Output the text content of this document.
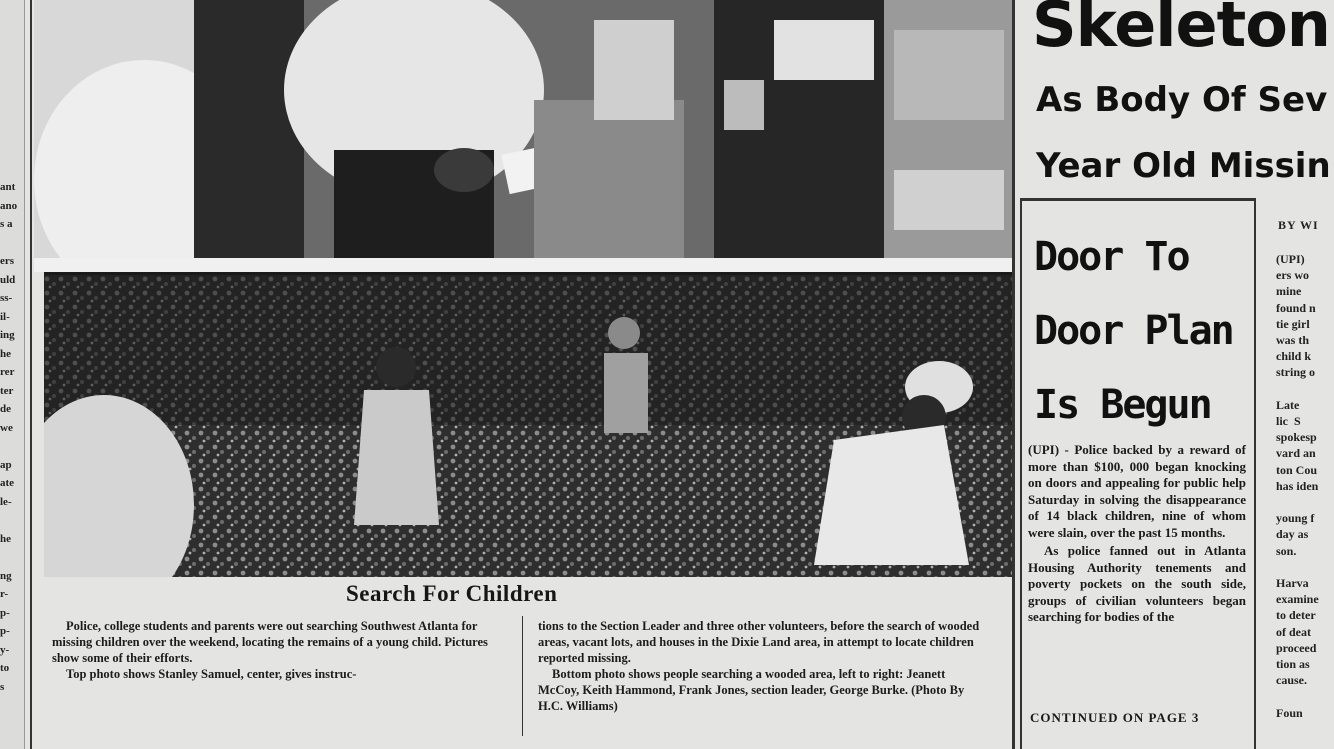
ant
ano
s a
ers
uld
ss-
il-
ing
he
rer
ter
de
we
ap
ate
le-
he
ng
r-
p-
p-
y-
to
s
Search For Children

Police, college students and parents were out searching Southwest Atlanta for missing children over the weekend, locating the remains of a young child. Pictures show some of their efforts.

Top photo shows Stanley Samuel, center, gives instruc-

tions to the Section Leader and three other volunteers, before the search of wooded areas, vacant lots, and houses in the Dixie Land area, in attempt to locate children reported missing.

Bottom photo shows people searching a wooded area, left to right: Jeanett McCoy, Keith Hammond, Frank Jones, section leader, George Burke. (Photo By H.C. Williams)

Skeleton
As Body Of Sev
Year Old Missin
Door To
Door Plan
Is Begun

(UPI) - Police backed by a reward of more than $100, 000 began knocking on doors and appealing for public help Saturday in solving the disappearance of 14 black children, nine of whom were slain, over the past 15 months.

As police fanned out in Atlanta Housing Authority tenements and poverty pockets on the south side, groups of civilian volunteers began searching for bodies of the

CONTINUED ON PAGE 3
BY WI
(UPI)
ers wo
mine
found n
tie girl
was th
child k
string o
Late
lic  S
spokesp
vard an
ton Cou
has iden
young f
day as
son.
Harva
examine
to deter
of deat
proceed
tion as
cause.
Foun
